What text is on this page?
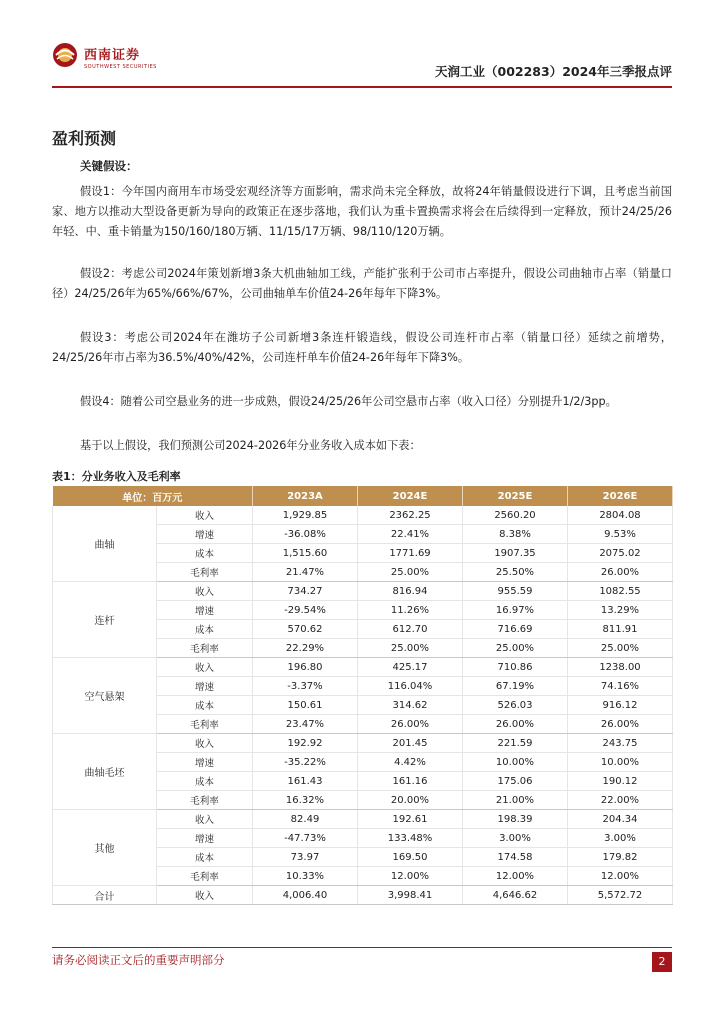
西南证券
SOUTHWEST SECURITIES	天润工业（002283）2024年三季报点评
盈利预测
关键假设：
假设1：今年国内商用车市场受宏观经济等方面影响，需求尚未完全释放，故将24年销量假设进行下调，且考虑当前国家、地方以推动大型设备更新为导向的政策正在逐步落地，我们认为重卡置换需求将会在后续得到一定释放，预计24/25/26年轻、中、重卡销量为150/160/180万辆、11/15/17万辆、98/110/120万辆。
假设2：考虑公司2024年策划新增3条大机曲轴加工线，产能扩张利于公司市占率提升，假设公司曲轴市占率（销量口径）24/25/26年为65%/66%/67%，公司曲轴单车价值24-26年每年下降3%。
假设3：考虑公司2024年在潍坊子公司新增3条连杆锻造线，假设公司连杆市占率（销量口径）延续之前增势，24/25/26年市占率为36.5%/40%/42%，公司连杆单车价值24-26年每年下降3%。
假设4：随着公司空悬业务的进一步成熟，假设24/25/26年公司空悬市占率（收入口径）分别提升1/2/3pp。
基于以上假设，我们预测公司2024-2026年分业务收入成本如下表：
表1：分业务收入及毛利率
单位：百万元		2023A	2024E	2025E	2026E
曲轴	收入	1,929.85	2362.25	2560.20	2804.08
	增速	-36.08%	22.41%	8.38%	9.53%
	成本	1,515.60	1771.69	1907.35	2075.02
	毛利率	21.47%	25.00%	25.50%	26.00%
连杆	收入	734.27	816.94	955.59	1082.55
	增速	-29.54%	11.26%	16.97%	13.29%
	成本	570.62	612.70	716.69	811.91
	毛利率	22.29%	25.00%	25.00%	25.00%
空气悬架	收入	196.80	425.17	710.86	1238.00
	增速	-3.37%	116.04%	67.19%	74.16%
	成本	150.61	314.62	526.03	916.12
	毛利率	23.47%	26.00%	26.00%	26.00%
曲轴毛坯	收入	192.92	201.45	221.59	243.75
	增速	-35.22%	4.42%	10.00%	10.00%
	成本	161.43	161.16	175.06	190.12
	毛利率	16.32%	20.00%	21.00%	22.00%
其他	收入	82.49	192.61	198.39	204.34
	增速	-47.73%	133.48%	3.00%	3.00%
	成本	73.97	169.50	174.58	179.82
	毛利率	10.33%	12.00%	12.00%	12.00%
合计	收入	4,006.40	3,998.41	4,646.62	5,572.72
请务必阅读正文后的重要声明部分	2
